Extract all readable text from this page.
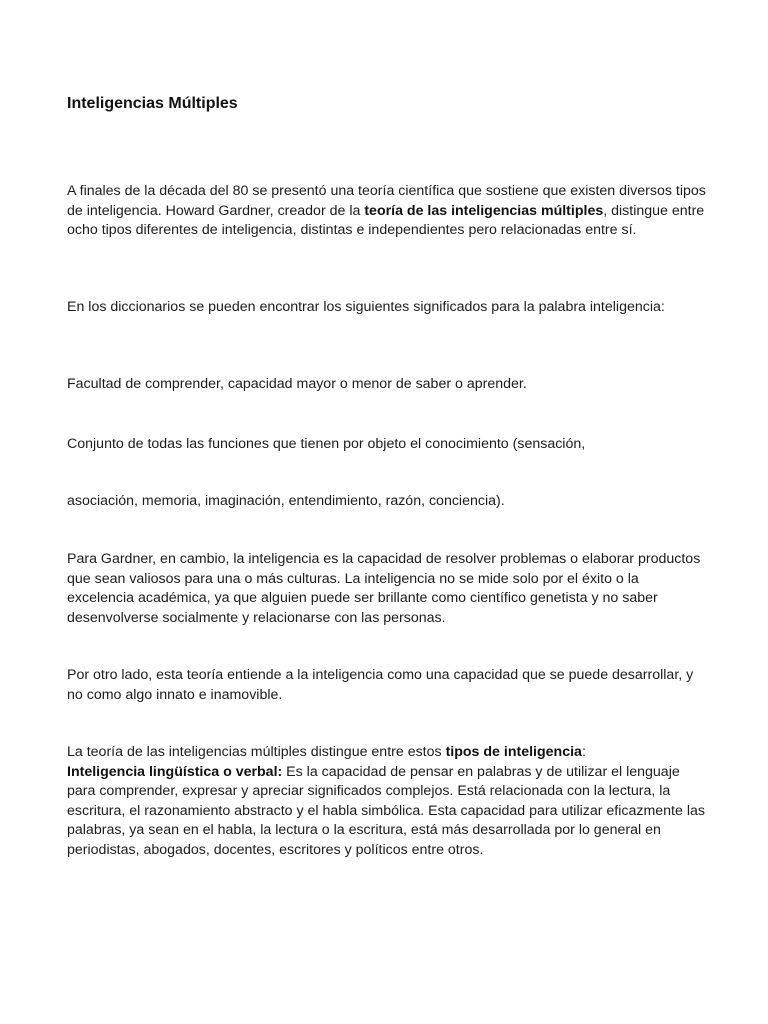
Inteligencias Múltiples

A finales de la década del 80 se presentó una teoría científica que sostiene que existen diversos tipos de inteligencia. Howard Gardner, creador de la teoría de las inteligencias múltiples, distingue entre ocho tipos diferentes de inteligencia, distintas e independientes pero relacionadas entre sí.

En los diccionarios se pueden encontrar los siguientes significados para la palabra inteligencia:

Facultad de comprender, capacidad mayor o menor de saber o aprender.

Conjunto de todas las funciones que tienen por objeto el conocimiento (sensación,

asociación, memoria, imaginación, entendimiento, razón, conciencia).

Para Gardner, en cambio, la inteligencia es la capacidad de resolver problemas o elaborar productos que sean valiosos para una o más culturas. La inteligencia no se mide solo por el éxito o la excelencia académica, ya que alguien puede ser brillante como científico genetista y no saber desenvolverse socialmente y relacionarse con las personas.

Por otro lado, esta teoría entiende a la inteligencia como una capacidad que se puede desarrollar, y no como algo innato e inamovible.

La teoría de las inteligencias múltiples distingue entre estos tipos de inteligencia:
Inteligencia lingüística o verbal: Es la capacidad de pensar en palabras y de utilizar el lenguaje para comprender, expresar y apreciar significados complejos. Está relacionada con la lectura, la escritura, el razonamiento abstracto y el habla simbólica. Esta capacidad para utilizar eficazmente las palabras, ya sean en el habla, la lectura o la escritura, está más desarrollada por lo general en periodistas, abogados, docentes, escritores y políticos entre otros.
